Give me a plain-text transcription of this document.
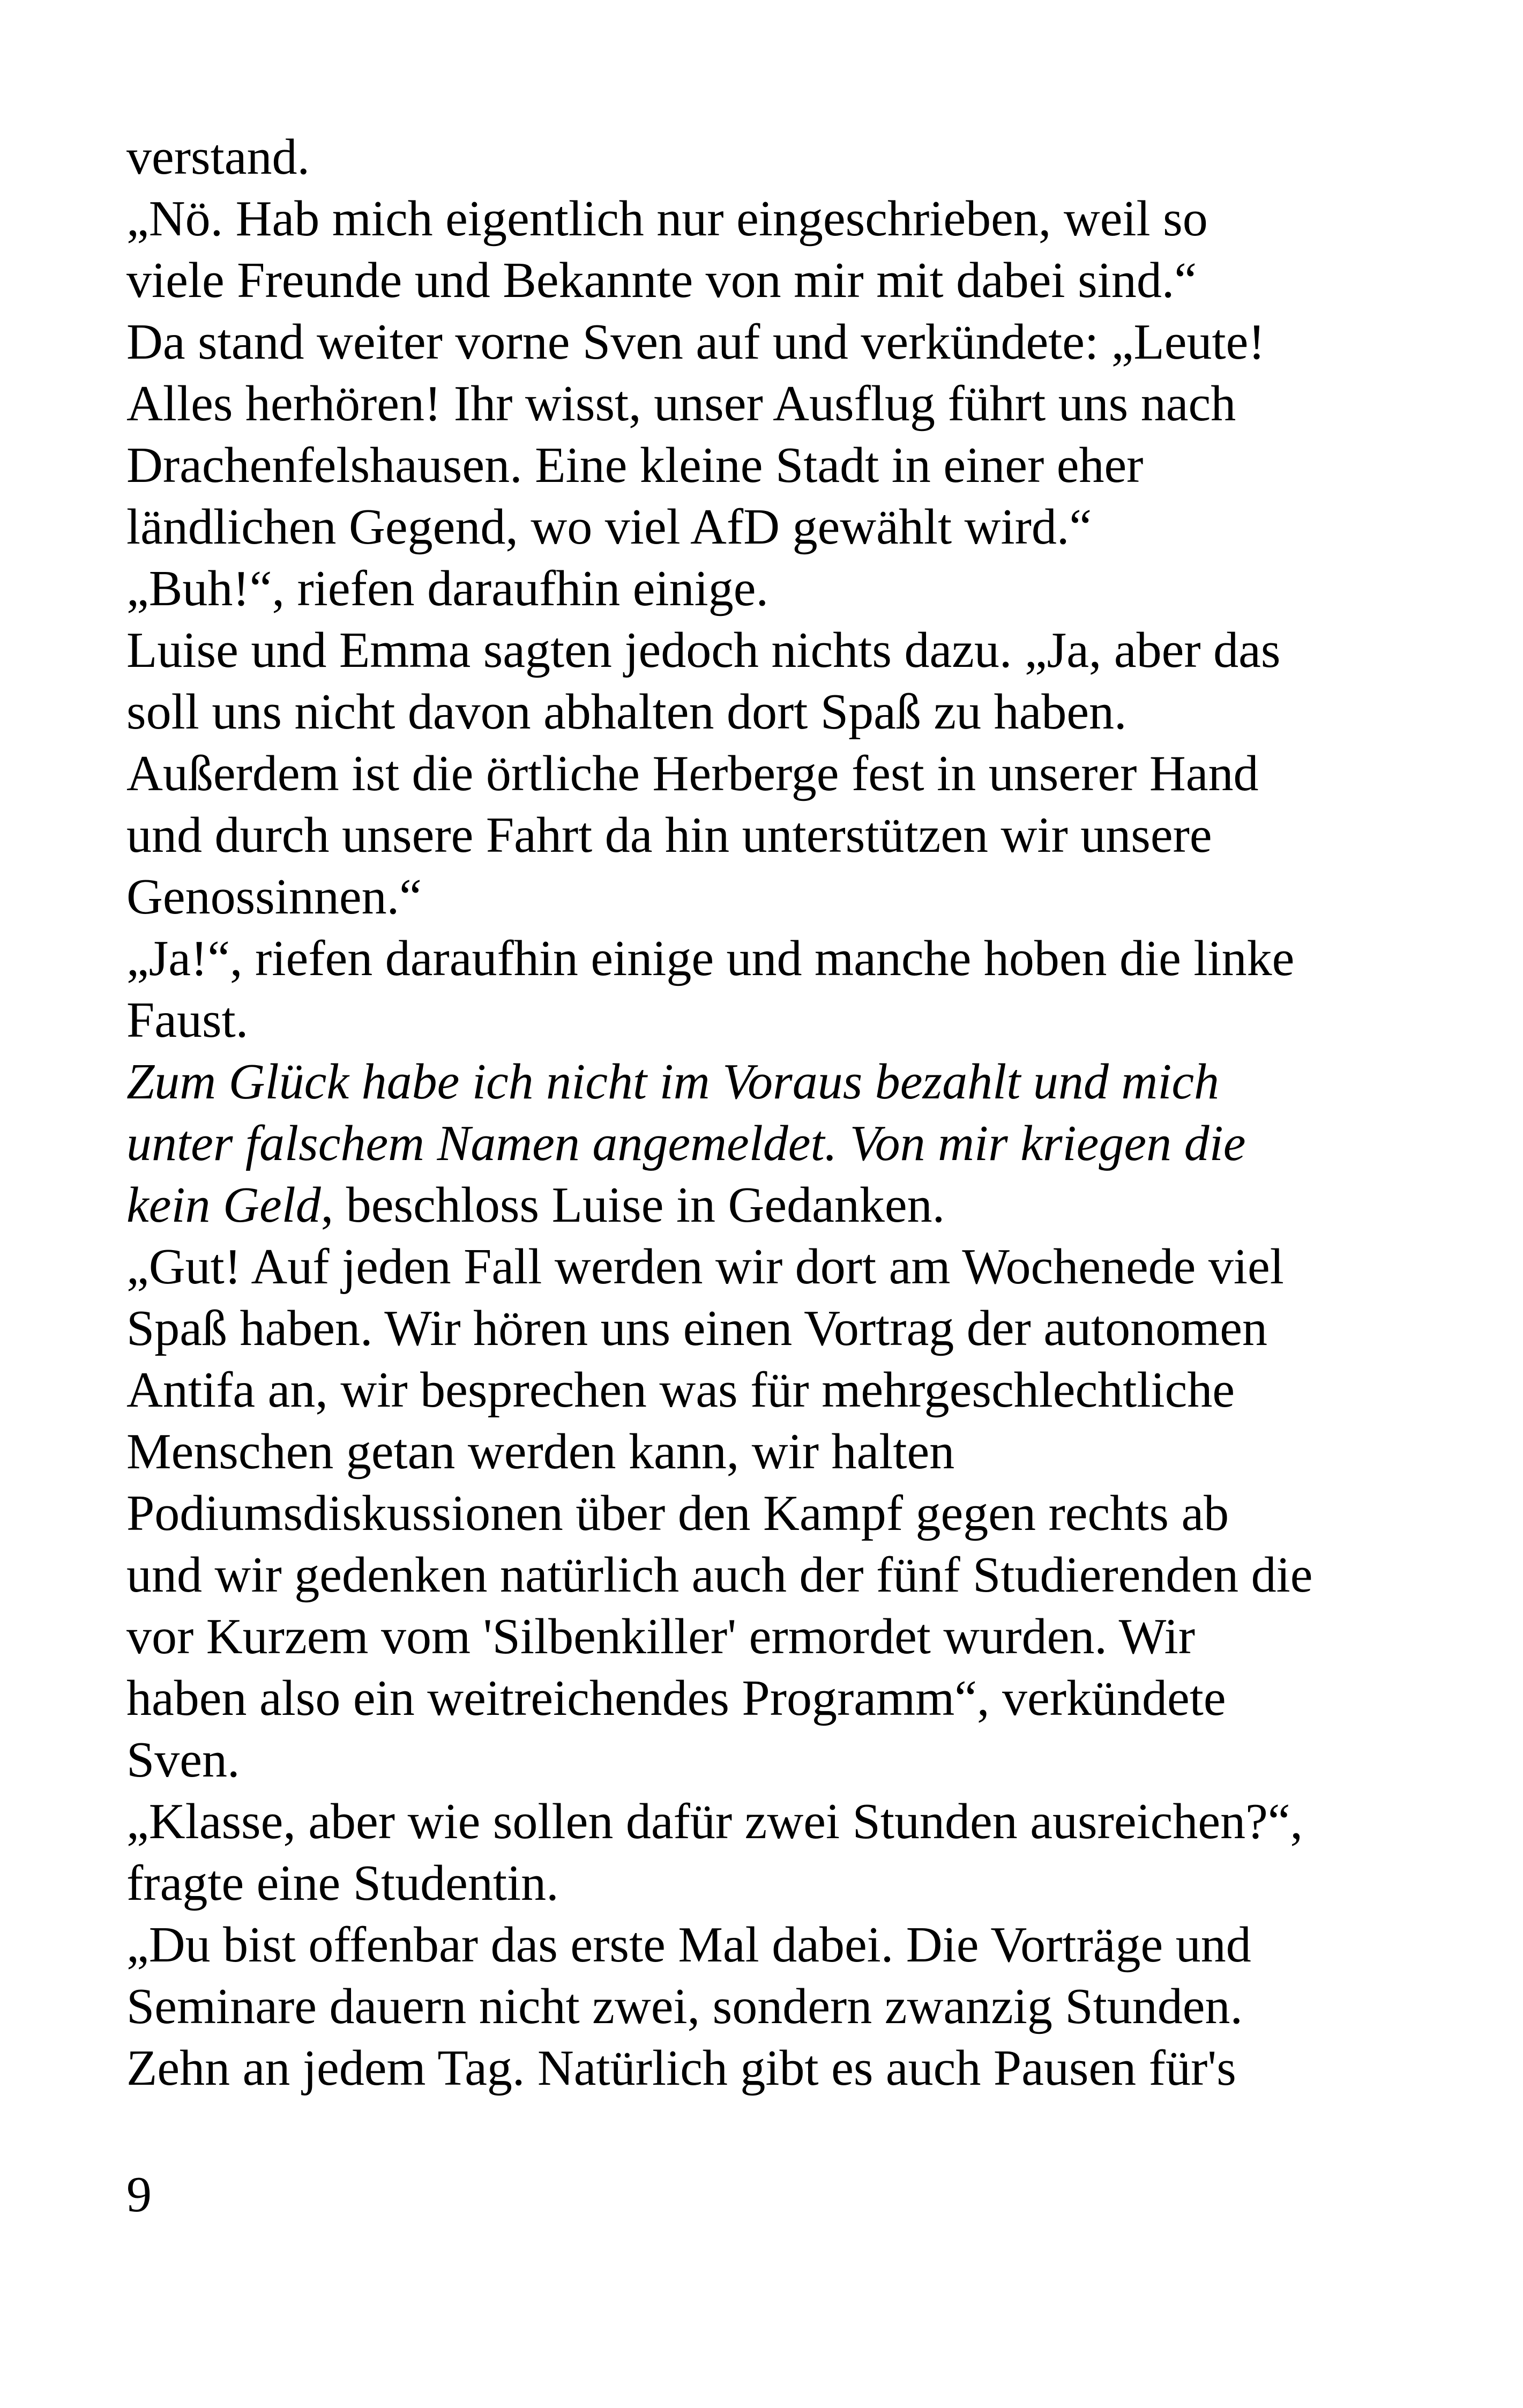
verstand.
„Nö. Hab mich eigentlich nur eingeschrieben, weil so
viele Freunde und Bekannte von mir mit dabei sind.“
Da stand weiter vorne Sven auf und verkündete: „Leute!
Alles herhören! Ihr wisst, unser Ausflug führt uns nach
Drachenfelshausen. Eine kleine Stadt in einer eher
ländlichen Gegend, wo viel AfD gewählt wird.“
„Buh!“, riefen daraufhin einige.
Luise und Emma sagten jedoch nichts dazu. „Ja, aber das
soll uns nicht davon abhalten dort Spaß zu haben.
Außerdem ist die örtliche Herberge fest in unserer Hand
und durch unsere Fahrt da hin unterstützen wir unsere
Genossinnen.“
„Ja!“, riefen daraufhin einige und manche hoben die linke
Faust.
Zum Glück habe ich nicht im Voraus bezahlt und mich
unter falschem Namen angemeldet. Von mir kriegen die
kein Geld, beschloss Luise in Gedanken.
„Gut! Auf jeden Fall werden wir dort am Wochenede viel
Spaß haben. Wir hören uns einen Vortrag der autonomen
Antifa an, wir besprechen was für mehrgeschlechtliche
Menschen getan werden kann, wir halten
Podiumsdiskussionen über den Kampf gegen rechts ab
und wir gedenken natürlich auch der fünf Studierenden die
vor Kurzem vom 'Silbenkiller' ermordet wurden. Wir
haben also ein weitreichendes Programm“, verkündete
Sven.
„Klasse, aber wie sollen dafür zwei Stunden ausreichen?“,
fragte eine Studentin.
„Du bist offenbar das erste Mal dabei. Die Vorträge und
Seminare dauern nicht zwei, sondern zwanzig Stunden.
Zehn an jedem Tag. Natürlich gibt es auch Pausen für's
9
